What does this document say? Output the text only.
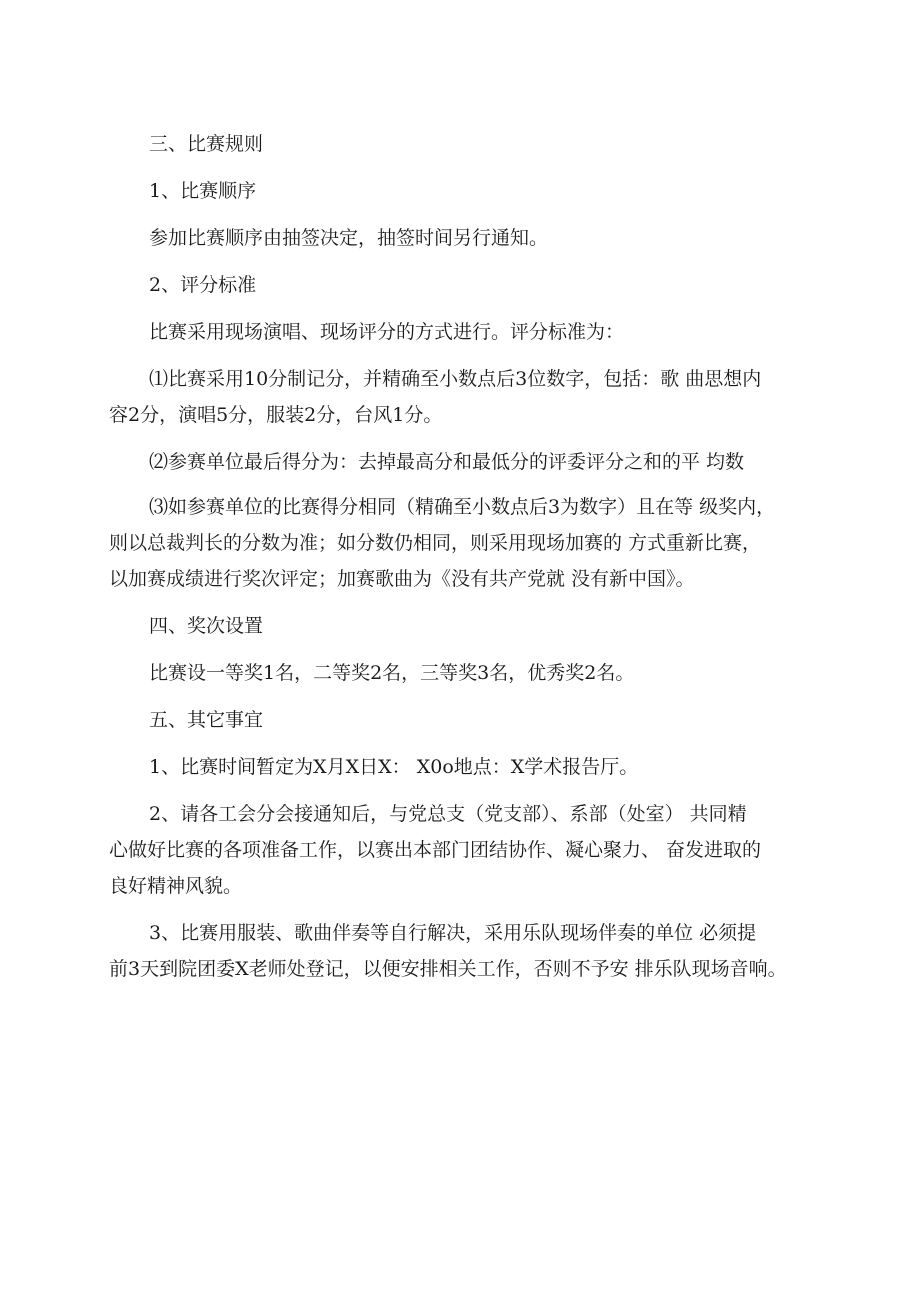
三、比赛规则
1、比赛顺序
参加比赛顺序由抽签决定，抽签时间另行通知。
2、评分标准
比赛采用现场演唱、现场评分的方式进行。评分标准为：
⑴比赛采用10分制记分，并精确至小数点后3位数字，包括：歌 曲思想内
容2分，演唱5分，服装2分，台风1分。
⑵参赛单位最后得分为：去掉最高分和最低分的评委评分之和的平 均数
⑶如参赛单位的比赛得分相同（精确至小数点后3为数字）且在等 级奖内，
则以总裁判长的分数为准；如分数仍相同，则采用现场加赛的 方式重新比赛，
以加赛成绩进行奖次评定；加赛歌曲为《没有共产党就 没有新中国》。
四、奖次设置
比赛设一等奖1名，二等奖2名，三等奖3名，优秀奖2名。
五、其它事宜
1、比赛时间暂定为X月X日X： X0o地点：X学术报告厅。
2、请各工会分会接通知后，与党总支（党支部）、系部（处室） 共同精
心做好比赛的各项准备工作，以赛出本部门团结协作、凝心聚力、 奋发进取的
良好精神风貌。
3、比赛用服装、歌曲伴奏等自行解决，采用乐队现场伴奏的单位 必须提
前3天到院团委X老师处登记，以便安排相关工作，否则不予安 排乐队现场音响。
